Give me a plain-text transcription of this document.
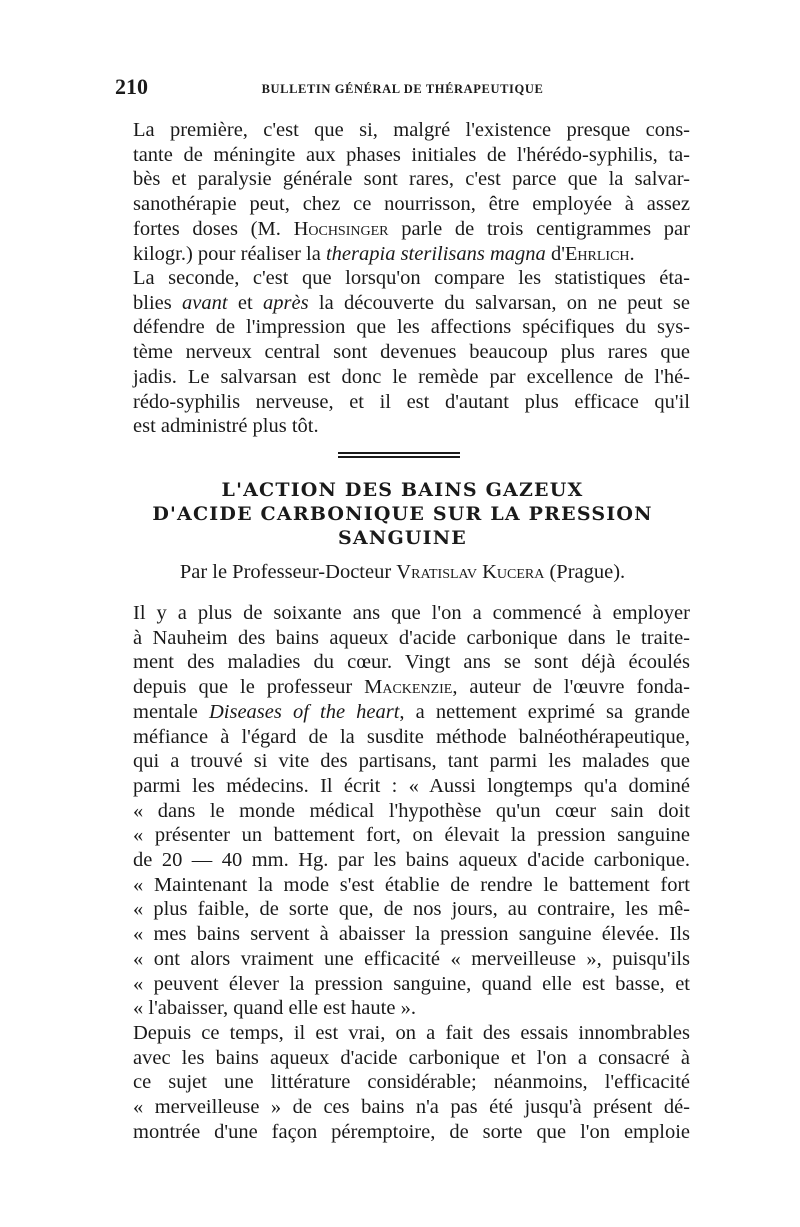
210	BULLETIN GÉNÉRAL DE THÉRAPEUTIQUE

La première, c'est que si, malgré l'existence presque cons-
tante de méningite aux phases initiales de l'hérédo-syphilis, ta-
bès et paralysie générale sont rares, c'est parce que la salvar-
sanothérapie peut, chez ce nourrisson, être employée à assez
fortes doses (M. Hochsinger parle de trois centigrammes par
kilogr.) pour réaliser la therapia sterilisans magna d'Ehrlich.

La seconde, c'est que lorsqu'on compare les statistiques éta-
blies avant et après la découverte du salvarsan, on ne peut se
défendre de l'impression que les affections spécifiques du sys-
tème nerveux central sont devenues beaucoup plus rares que
jadis. Le salvarsan est donc le remède par excellence de l'hé-
rédo-syphilis nerveuse, et il est d'autant plus efficace qu'il
est administré plus tôt.

L'ACTION DES BAINS GAZEUX
D'ACIDE CARBONIQUE SUR LA PRESSION
SANGUINE
Par le Professeur-Docteur Vratislav Kucera (Prague).

Il y a plus de soixante ans que l'on a commencé à employer
à Nauheim des bains aqueux d'acide carbonique dans le traite-
ment des maladies du cœur. Vingt ans se sont déjà écoulés
depuis que le professeur Mackenzie, auteur de l'œuvre fonda-
mentale Diseases of the heart, a nettement exprimé sa grande
méfiance à l'égard de la susdite méthode balnéothérapeutique,
qui a trouvé si vite des partisans, tant parmi les malades que
parmi les médecins. Il écrit : « Aussi longtemps qu'a dominé
« dans le monde médical l'hypothèse qu'un cœur sain doit
« présenter un battement fort, on élevait la pression sanguine
de 20 — 40 mm. Hg. par les bains aqueux d'acide carbonique.
« Maintenant la mode s'est établie de rendre le battement fort
« plus faible, de sorte que, de nos jours, au contraire, les mê-
« mes bains servent à abaisser la pression sanguine élevée. Ils
« ont alors vraiment une efficacité « merveilleuse », puisqu'ils
« peuvent élever la pression sanguine, quand elle est basse, et
« l'abaisser, quand elle est haute ».

Depuis ce temps, il est vrai, on a fait des essais innombrables
avec les bains aqueux d'acide carbonique et l'on a consacré à
ce sujet une littérature considérable; néanmoins, l'efficacité
« merveilleuse » de ces bains n'a pas été jusqu'à présent dé-
montrée d'une façon péremptoire, de sorte que l'on emploie
